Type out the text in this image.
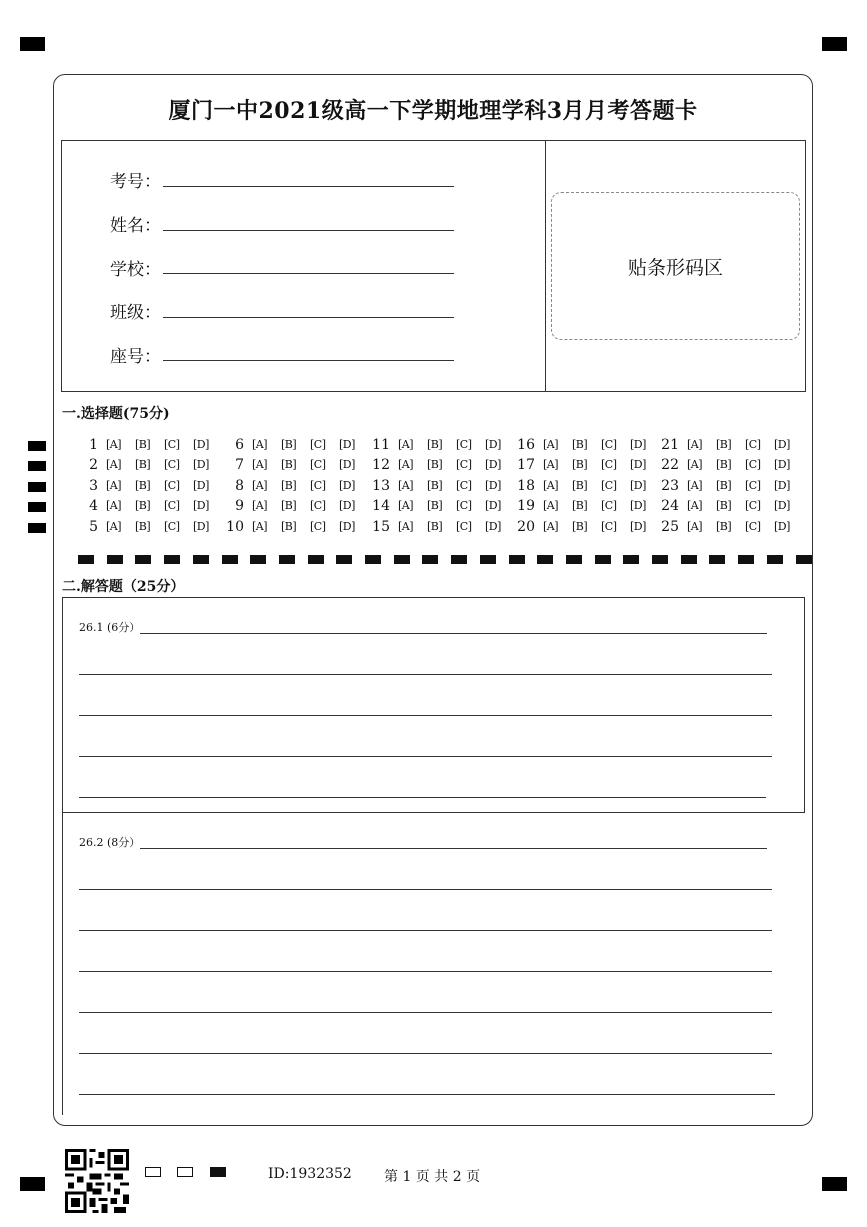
厦门一中2021级高一下学期地理学科3月月考答题卡
考号：
姓名：
学校：
班级：
座号：
贴条形码区
一.选择题(75分)
1 [A] [B] [C] [D]
2 [A] [B] [C] [D]
3 [A] [B] [C] [D]
4 [A] [B] [C] [D]
5 [A] [B] [C] [D]
6 [A] [B] [C] [D]
7 [A] [B] [C] [D]
8 [A] [B] [C] [D]
9 [A] [B] [C] [D]
10 [A] [B] [C] [D]
11 [A] [B] [C] [D]
12 [A] [B] [C] [D]
13 [A] [B] [C] [D]
14 [A] [B] [C] [D]
15 [A] [B] [C] [D]
16 [A] [B] [C] [D]
17 [A] [B] [C] [D]
18 [A] [B] [C] [D]
19 [A] [B] [C] [D]
20 [A] [B] [C] [D]
21 [A] [B] [C] [D]
22 [A] [B] [C] [D]
23 [A] [B] [C] [D]
24 [A] [B] [C] [D]
25 [A] [B] [C] [D]
二.解答题（25分）
26.1 (6分）
26.2 (8分）
ID:1932352 第 1 页 共 2 页
